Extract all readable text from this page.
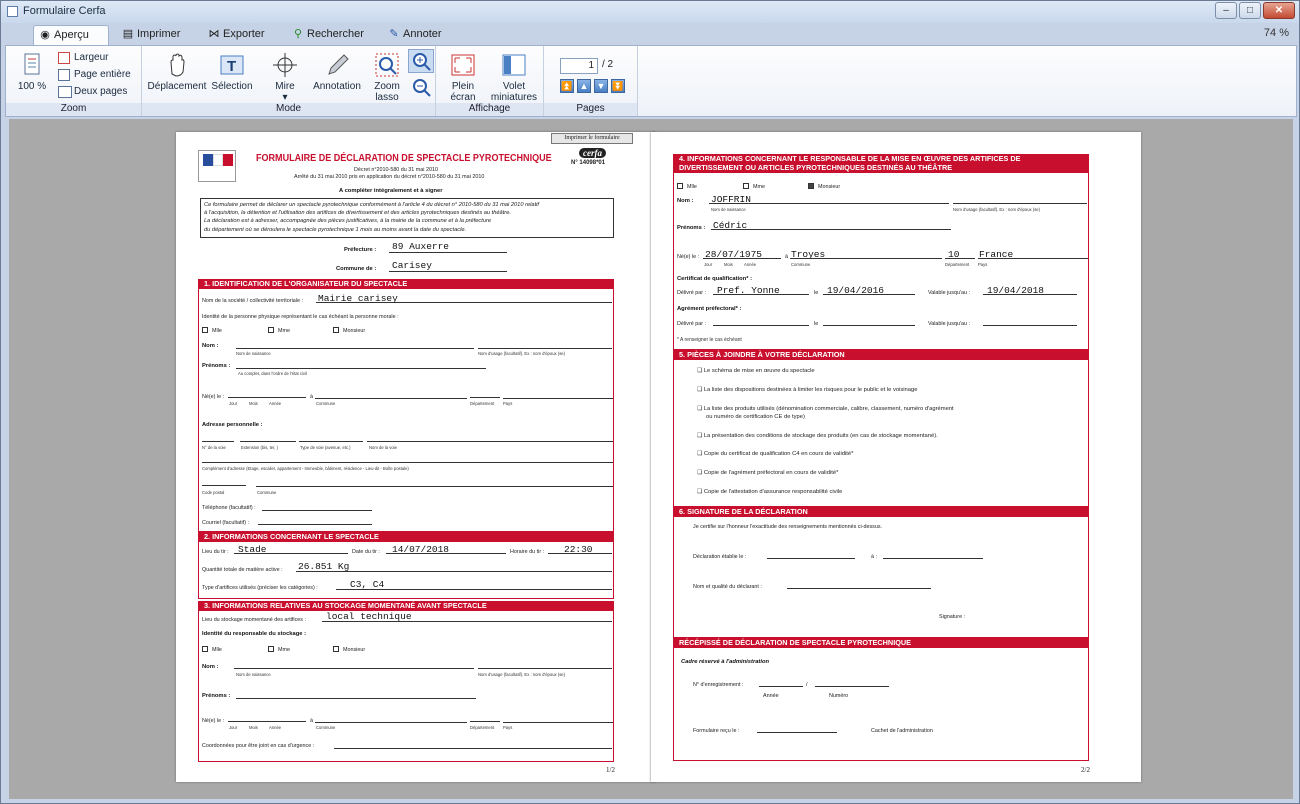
Formulaire Cerfa	–	□	✕
◉ Aperçu	▤ Imprimer	⋈ Exporter	⚲ Rechercher	✎ Annoter	74 %
100 %
Largeur
Page entière
Deux pages
Zoom
Déplacement
T
Sélection	Mire
▾
Annotation	Zoom
lasso
Mode
Plein
écran
Volet
miniatures
Affichage
1 / 2
⏫ ▲ ▼ ⏬
Pages
Imprimer le formulaire
FORMULAIRE DE DÉCLARATION DE SPECTACLE PYROTECHNIQUE	cerfa
N° 14098*01
Décret n°2010-580 du 31 mai 2010
Arrêté du 31 mai 2010 pris en application du décret n°2010-580 du 31 mai 2010
A compléter intégralement et à signer
Ce formulaire permet de déclarer un spectacle pyrotechnique conformément à l'article 4 du décret n° 2010-580 du 31 mai 2010 relatif
à l'acquisition, la détention et l'utilisation des artifices de divertissement et des articles pyrotechniques destinés au théâtre.
La déclaration est à adresser, accompagnée des pièces justificatives, à la mairie de la commune et à la préfecture
du département où se déroulera le spectacle pyrotechnique 1 mois au moins avant la date du spectacle.
Préfecture : 89 Auxerre
Commune de : Carisey
1. IDENTIFICATION DE L'ORGANISATEUR DU SPECTACLE
Nom de la société / collectivité territoriale : Mairie carisey
Identité de la personne physique représentant le cas échéant la personne morale :
Mlle	Mme	Monsieur
Nom :
Nom de naissance	Nom d'usage (facultatif). Ex : nom d'époux (se)
Prénoms :
Au complet, dans l'ordre de l'état civil
Né(e) le :	à
Jour	Mois	Année	Commune	Département Pays
Adresse personnelle :
N° de la voie	Extension (bis, ter, )	Type de voie (avenue, etc.)	Nom de la voie
Complément d'adresse (Etage, escalier, appartement - Immeuble, bâtiment, résidence - Lieu-dit - Boîte postale)
Code postal	Commune
Téléphone (facultatif) :
Courriel (facultatif) :
2. INFORMATIONS CONCERNANT LE SPECTACLE
Lieu du tir : Stade	Date du tir : 14/07/2018	Horaire du tir : 22:30
Quantité totale de matière active : 26.851 Kg
Type d'artifices utilisés (préciser les catégories) :	C3, C4
3. INFORMATIONS RELATIVES AU STOCKAGE MOMENTANÉ AVANT SPECTACLE
Lieu du stockage momentané des artifices : local technique
Identité du responsable du stockage :
Mlle	Mme	Monsieur
Nom :
Nom de naissance	Nom d'usage (facultatif). Ex : nom d'époux (se)
Prénoms :
Né(e) le :	à
Jour	Mois	Année	Commune	Département Pays
Coordonnées pour être joint en cas d'urgence :
1/2
4. INFORMATIONS CONCERNANT LE RESPONSABLE DE LA MISE EN ŒUVRE DES ARTIFICES DE
DIVERTISSEMENT OU ARTICLES PYROTECHNIQUES DESTINÉS AU THÉÂTRE
Mlle	Mme	Monsieur
Nom : JOFFRIN
Nom de naissance	Nom d'usage (facultatif). Ex : nom d'époux (se)
Prénoms : Cédric
Né(e) le : 28/07/1975	à Troyes	10 France
Jour	Mois	Année	Commune	Département Pays
Certificat de qualification* :
Délivré par : Pref. Yonne	le 19/04/2016	Valable jusqu'au : 19/04/2018
Agrément préfectoral* :
Délivré par :	le	Valable jusqu'au :
* A renseigner le cas échéant
5. PIÈCES À JOINDRE À VOTRE DÉCLARATION
❏ Le schéma de mise en œuvre du spectacle
❏ La liste des dispositions destinées à limiter les risques pour le public et le voisinage
❏ La liste des produits utilisés (dénomination commerciale, calibre, classement, numéro d'agrément
ou numéro de certification CE de type)
❏ La présentation des conditions de stockage des produits (en cas de stockage momentané).
❏ Copie du certificat de qualification C4 en cours de validité*
❏ Copie de l'agrément préfectoral en cours de validité*
❏ Copie de l'attestation d'assurance responsabilité civile
6. SIGNATURE DE LA DÉCLARATION
Je certifie sur l'honneur l'exactitude des renseignements mentionnés ci-dessus.
Déclaration établie le :	à :
Nom et qualité du déclarant :
Signature :
RÉCÉPISSÉ DE DÉCLARATION DE SPECTACLE PYROTECHNIQUE
Cadre réservé à l'administration
N° d'enregistrement :	/
Année	Numéro
Formulaire reçu le :	Cachet de l'administration
2/2
